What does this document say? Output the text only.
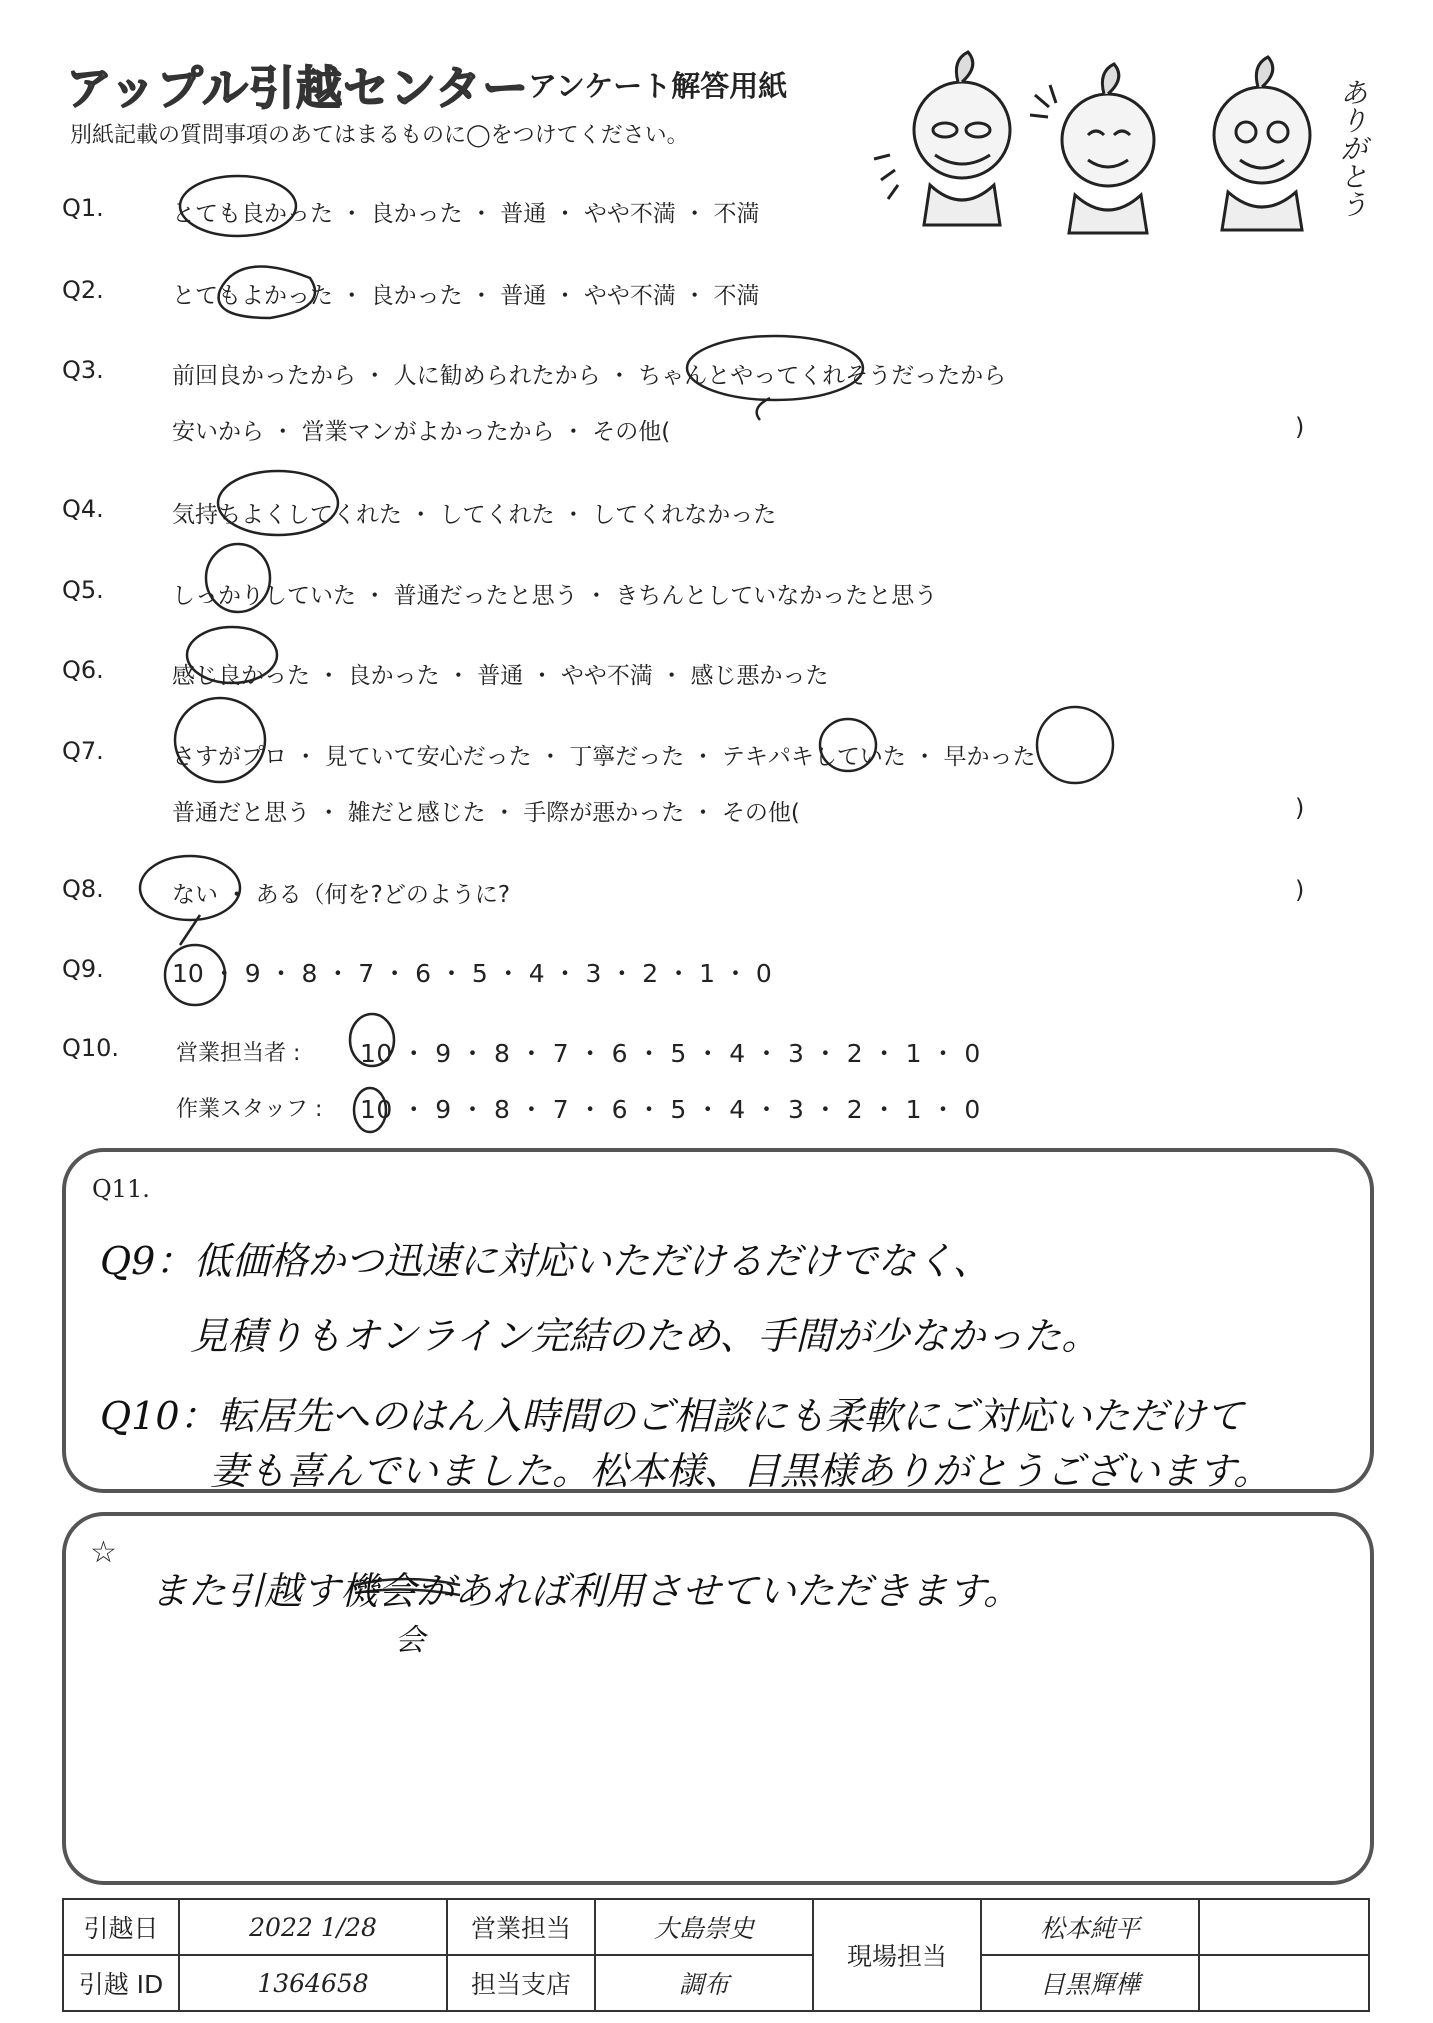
アップル引越センター
アンケート解答用紙
別紙記載の質問事項のあてはまるものに◯をつけてください。	ありがとう
Q1.	とても良かった ・ 良かった ・ 普通 ・ やや不満 ・ 不満
Q2.	とてもよかった ・ 良かった ・ 普通 ・ やや不満 ・ 不満
Q3.	前回良かったから ・ 人に勧められたから ・ ちゃんとやってくれそうだったから
安いから ・ 営業マンがよかったから ・ その他(	)
Q4.	気持ちよくしてくれた ・ してくれた ・ してくれなかった
Q5.	しっかりしていた ・ 普通だったと思う ・ きちんとしていなかったと思う
Q6.	感じ良かった ・ 良かった ・ 普通 ・ やや不満 ・ 感じ悪かった
Q7.	さすがプロ ・ 見ていて安心だった ・ 丁寧だった ・ テキパキしていた ・ 早かった
普通だと思う ・ 雑だと感じた ・ 手際が悪かった ・ その他(	)
Q8.	ない ・ ある（何を?どのように?	)
Q9.	10 ・ 9 ・ 8 ・ 7 ・ 6 ・ 5 ・ 4 ・ 3 ・ 2 ・ 1 ・ 0
Q10.	営業担当者 : 10 ・ 9 ・ 8 ・ 7 ・ 6 ・ 5 ・ 4 ・ 3 ・ 2 ・ 1 ・ 0
作業スタッフ : 10 ・ 9 ・ 8 ・ 7 ・ 6 ・ 5 ・ 4 ・ 3 ・ 2 ・ 1 ・ 0
Q11.
Q9：低価格かつ迅速に対応いただけるだけでなく、
見積りもオンライン完結のため、手間が少なかった。
Q10：転居先へのはん入時間のご相談にも柔軟にご対応いただけて
妻も喜んでいました。松本様、目黒様ありがとうございます。
☆
また引越す機会があれば利用させていただきます。
会
引越日	2022 1/28	営業担当	大島崇史	現場担当	松本純平	
引越 ID	1364658	担当支店	調布		目黒輝樺	
